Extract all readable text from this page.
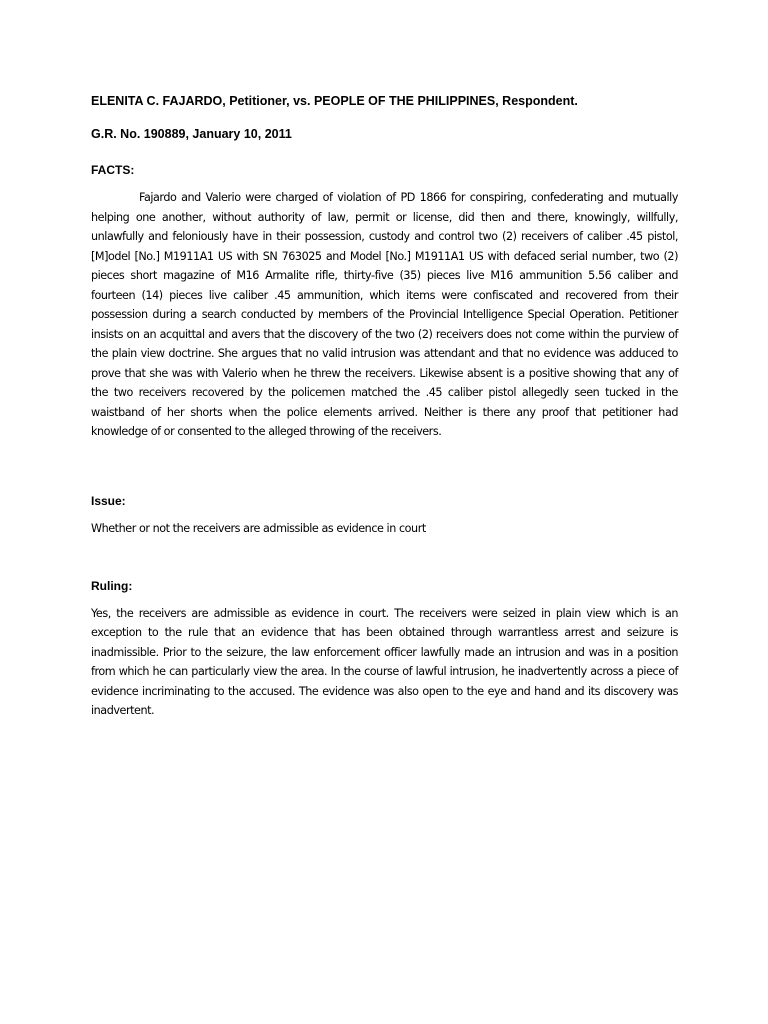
ELENITA C. FAJARDO, Petitioner, vs. PEOPLE OF THE PHILIPPINES, Respondent.
G.R. No. 190889, January 10, 2011
FACTS:
Fajardo and Valerio were charged of violation of PD 1866 for conspiring, confederating and mutually helping one another, without authority of law, permit or license, did then and there, knowingly, willfully, unlawfully and feloniously have in their possession, custody and control two (2) receivers of caliber .45 pistol, [M]odel [No.] M1911A1 US with SN 763025 and Model [No.] M1911A1 US with defaced serial number, two (2) pieces short magazine of M16 Armalite rifle, thirty-five (35) pieces live M16 ammunition 5.56 caliber and fourteen (14) pieces live caliber .45 ammunition, which items were confiscated and recovered from their possession during a search conducted by members of the Provincial Intelligence Special Operation. Petitioner insists on an acquittal and avers that the discovery of the two (2) receivers does not come within the purview of the plain view doctrine. She argues that no valid intrusion was attendant and that no evidence was adduced to prove that she was with Valerio when he threw the receivers. Likewise absent is a positive showing that any of the two receivers recovered by the policemen matched the .45 caliber pistol allegedly seen tucked in the waistband of her shorts when the police elements arrived. Neither is there any proof that petitioner had knowledge of or consented to the alleged throwing of the receivers.
Issue:
Whether or not the receivers are admissible as evidence in court
Ruling:
Yes, the receivers are admissible as evidence in court. The receivers were seized in plain view which is an exception to the rule that an evidence that has been obtained through warrantless arrest and seizure is inadmissible. Prior to the seizure, the law enforcement officer lawfully made an intrusion and was in a position from which he can particularly view the area. In the course of lawful intrusion, he inadvertently across a piece of evidence incriminating to the accused. The evidence was also open to the eye and hand and its discovery was inadvertent.
